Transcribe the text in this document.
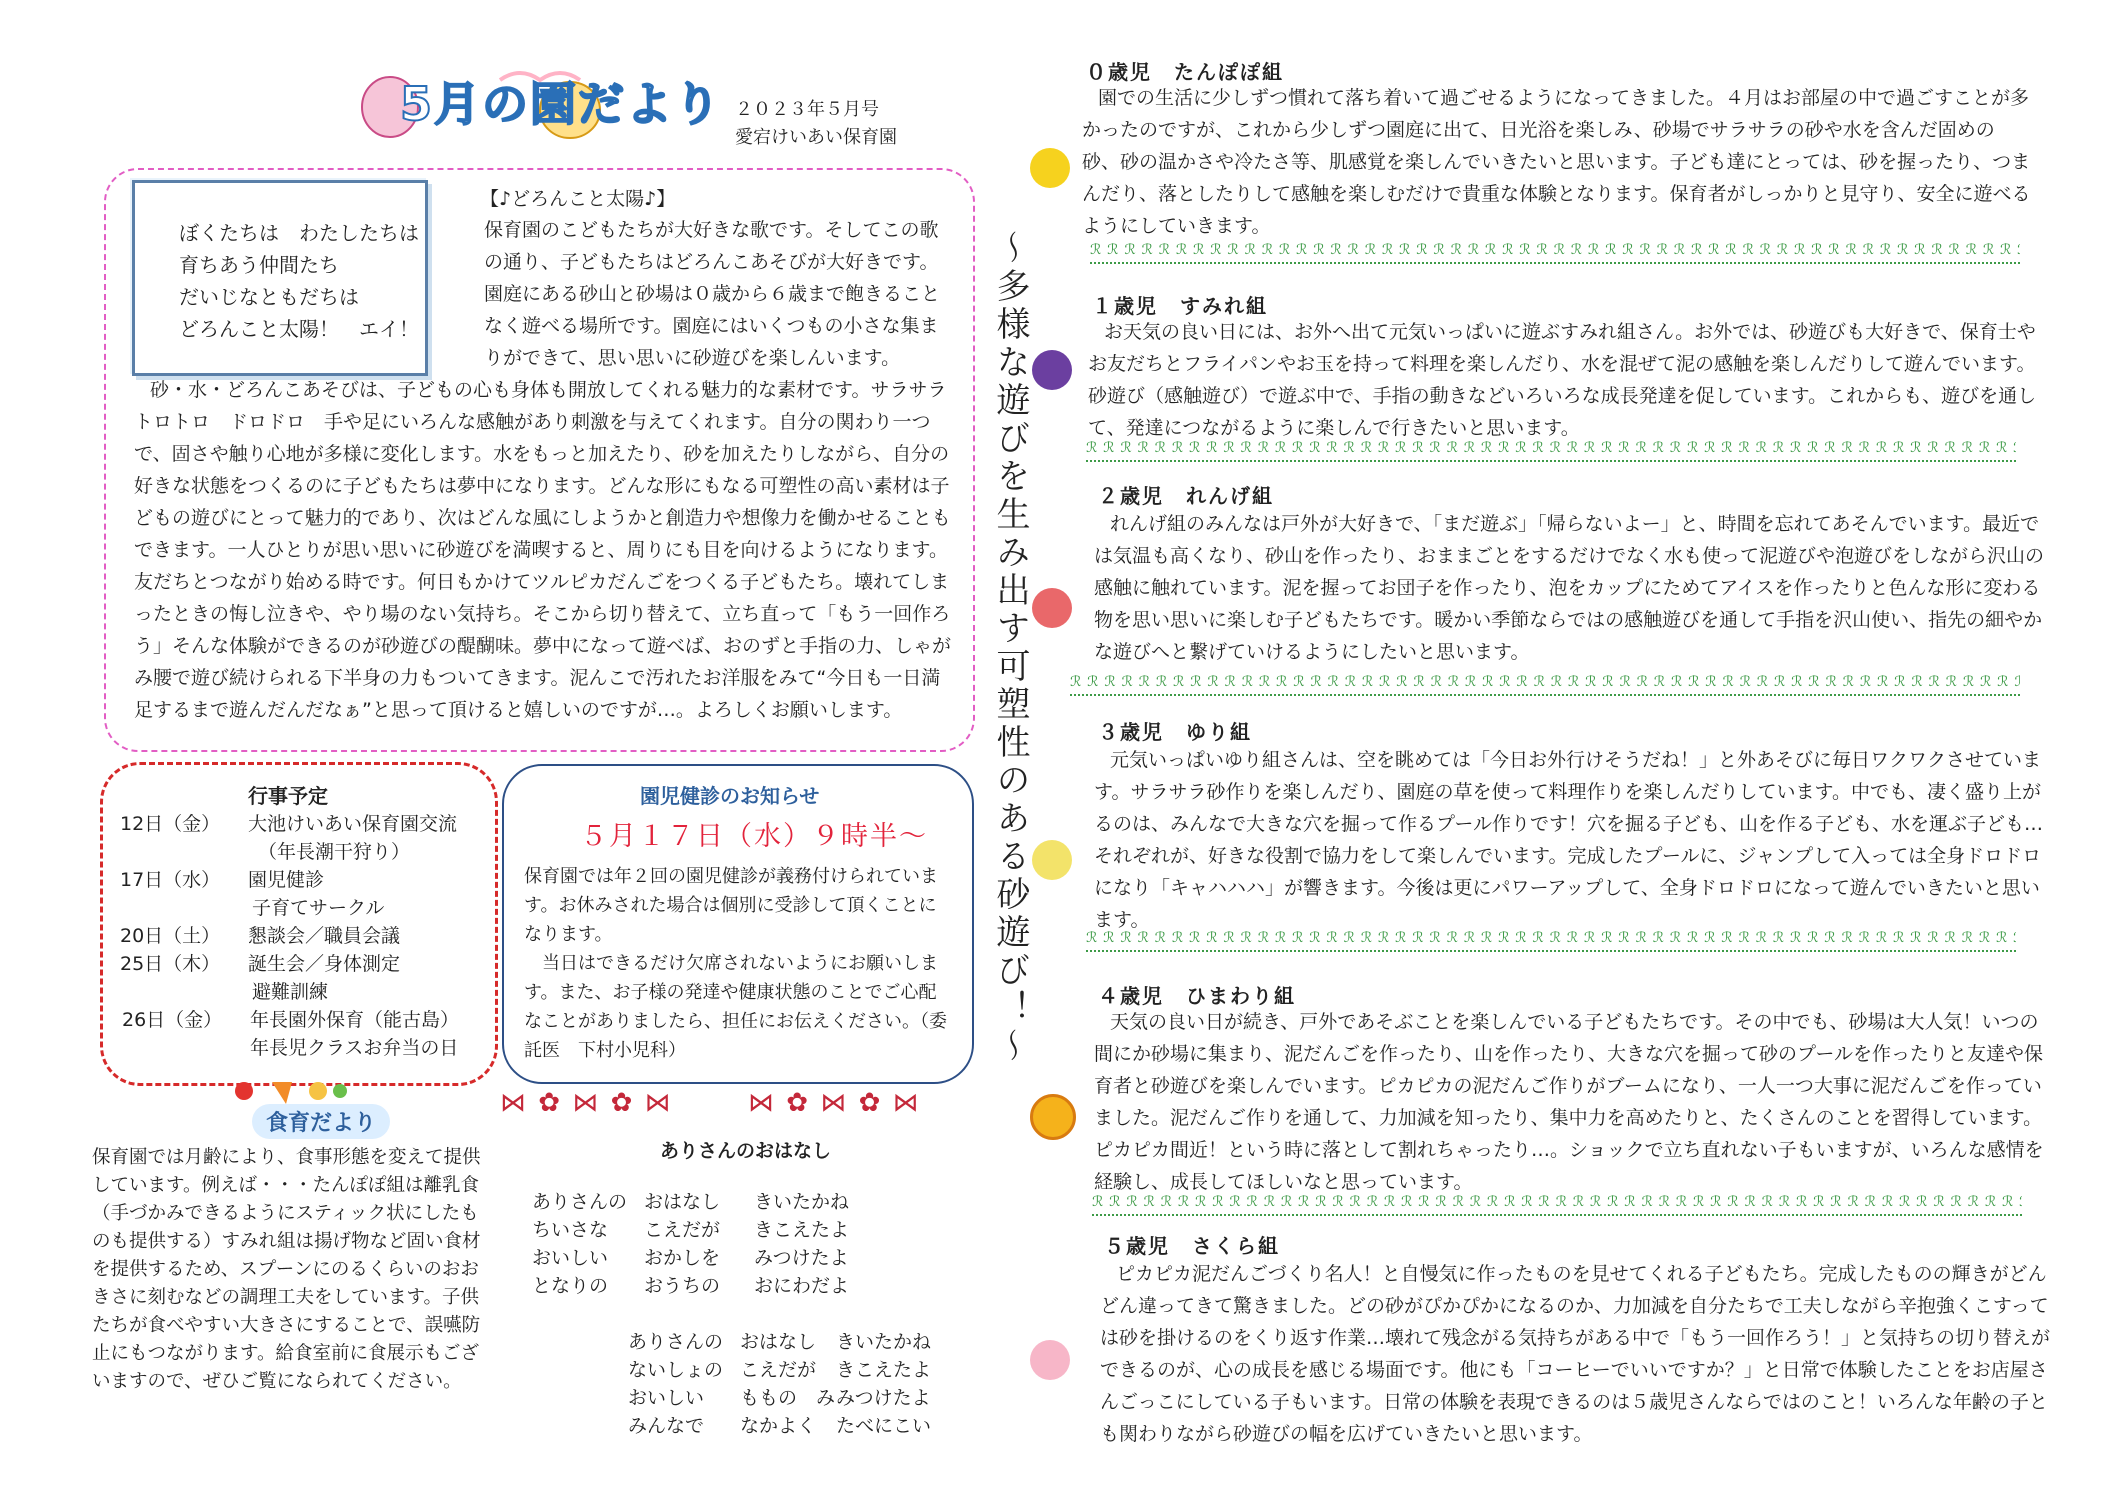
5月の園だより ２０２３年５月号
愛宕けいあい保育園
ぼくたちは　わたしたちは
育ちあう仲間たち
だいじなともだちは
どろんこと太陽！　エイ！
【♪どろんこと太陽♪】
保育園のこどもたちが大好きな歌です。そしてこの歌の通り、子どもたちはどろんこあそびが大好きです。園庭にある砂山と砂場は０歳から６歳まで飽きることなく遊べる場所です。園庭にはいくつもの小さな集まりができて、思い思いに砂遊びを楽しんいます。
砂・水・どろんこあそびは、子どもの心も身体も開放してくれる魅力的な素材です。サラサラトロトロ　ドロドロ　手や足にいろんな感触があり刺激を与えてくれます。自分の関わり一つで、固さや触り心地が多様に変化します。水をもっと加えたり、砂を加えたりしながら、自分の好きな状態をつくるのに子どもたちは夢中になります。どんな形にもなる可塑性の高い素材は子どもの遊びにとって魅力的であり、次はどんな風にしようかと創造力や想像力を働かせることもできます。一人ひとりが思い思いに砂遊びを満喫すると、周りにも目を向けるようになります。友だちとつながり始める時です。何日もかけてツルピカだんごをつくる子どもたち。壊れてしまったときの悔し泣きや、やり場のない気持ち。そこから切り替えて、立ち直って「もう一回作ろう」そんな体験ができるのが砂遊びの醍醐味。夢中になって遊べば、おのずと手指の力、しゃがみ腰で遊び続けられる下半身の力もついてきます。泥んこで汚れたお洋服をみて“今日も一日満足するまで遊んだんだなぁ”と思って頂けると嬉しいのですが…。よろしくお願いします。	～多様な遊びを生み出す可塑性のある砂遊び！～
行事予定
12日（金）	大池けいあい保育園交流
（年長潮干狩り）
17日（水）	園児健診
子育てサークル
20日（土）	懇談会／職員会議
25日（木）	誕生会／身体測定
避難訓練
26日（金）	年長園外保育（能古島）
年長児クラスお弁当の日
園児健診のお知らせ
５月１７日（水）９時半～
保育園では年２回の園児健診が義務付けられています。お休みされた場合は個別に受診して頂くことになります。
当日はできるだけ欠席されないようにお願いします。また、お子様の発達や健康状態のことでご心配なことがありましたら、担任にお伝えください。（委託医　下村小児科）
食育だより
保育園では月齢により、食事形態を変えて提供しています。例えば・・・たんぽぽ組は離乳食（手づかみできるようにスティック状にしたものも提供する）すみれ組は揚げ物など固い食材を提供するため、スプーンにのるくらいのおおきさに刻むなどの調理工夫をしています。子供たちが食べやすい大きさにすることで、誤嚥防止にもつながります。給食室前に食展示もございますので、ぜひご覧になられてください。
⋈ ✿ ⋈ ✿ ⋈	⋈ ✿ ⋈ ✿ ⋈
ありさんのおはなし
ありさんの おはなし きいたかね
ちいさな こえだが きこえたよ
おいしい おかしを みつけたよ
となりの おうちの おにわだよ
ありさんの おはなし きいたかね
ないしょの こえだが きこえたよ
おいしい ももの　みみつけたよ
みんなで なかよく たべにこい
０歳児　たんぽぽ組
園での生活に少しずつ慣れて落ち着いて過ごせるようになってきました。４月はお部屋の中で過ごすことが多かったのですが、これから少しずつ園庭に出て、日光浴を楽しみ、砂場でサラサラの砂や水を含んだ固めの砂、砂の温かさや冷たさ等、肌感覚を楽しんでいきたいと思います。子ども達にとっては、砂を握ったり、つまんだり、落としたりして感触を楽しむだけで貴重な体験となります。保育者がしっかりと見守り、安全に遊べるようにしていきます。
ℛℛℛℛℛℛℛℛℛℛℛℛℛℛℛℛℛℛℛℛℛℛℛℛℛℛℛℛℛℛℛℛℛℛℛℛℛℛℛℛℛℛℛℛℛℛℛℛℛℛℛℛℛℛℛℛℛ
１歳児　すみれ組
お天気の良い日には、お外へ出て元気いっぱいに遊ぶすみれ組さん。お外では、砂遊びも大好きで、保育士やお友だちとフライパンやお玉を持って料理を楽しんだり、水を混ぜて泥の感触を楽しんだりして遊んでいます。砂遊び（感触遊び）で遊ぶ中で、手指の動きなどいろいろな成長発達を促しています。これからも、遊びを通して、発達につながるように楽しんで行きたいと思います。
ℛℛℛℛℛℛℛℛℛℛℛℛℛℛℛℛℛℛℛℛℛℛℛℛℛℛℛℛℛℛℛℛℛℛℛℛℛℛℛℛℛℛℛℛℛℛℛℛℛℛℛℛℛℛℛℛℛ
２歳児　れんげ組
れんげ組のみんなは戸外が大好きで、「まだ遊ぶ」「帰らないよー」と、時間を忘れてあそんでいます。最近では気温も高くなり、砂山を作ったり、おままごとをするだけでなく水も使って泥遊びや泡遊びをしながら沢山の感触に触れています。泥を握ってお団子を作ったり、泡をカップにためてアイスを作ったりと色んな形に変わる物を思い思いに楽しむ子どもたちです。暖かい季節ならではの感触遊びを通して手指を沢山使い、指先の細やかな遊びへと繋げていけるようにしたいと思います。
ℛℛℛℛℛℛℛℛℛℛℛℛℛℛℛℛℛℛℛℛℛℛℛℛℛℛℛℛℛℛℛℛℛℛℛℛℛℛℛℛℛℛℛℛℛℛℛℛℛℛℛℛℛℛℛℛℛ
３歳児　ゆり組
元気いっぱいゆり組さんは、空を眺めては「今日お外行けそうだね！」と外あそびに毎日ワクワクさせています。サラサラ砂作りを楽しんだり、園庭の草を使って料理作りを楽しんだりしています。中でも、凄く盛り上がるのは、みんなで大きな穴を掘って作るプール作りです！穴を掘る子ども、山を作る子ども、水を運ぶ子ども…それぞれが、好きな役割で協力をして楽しんでいます。完成したプールに、ジャンプして入っては全身ドロドロになり「キャハハハ」が響きます。今後は更にパワーアップして、全身ドロドロになって遊んでいきたいと思います。
ℛℛℛℛℛℛℛℛℛℛℛℛℛℛℛℛℛℛℛℛℛℛℛℛℛℛℛℛℛℛℛℛℛℛℛℛℛℛℛℛℛℛℛℛℛℛℛℛℛℛℛℛℛℛℛℛℛ
４歳児　ひまわり組
天気の良い日が続き、戸外であそぶことを楽しんでいる子どもたちです。その中でも、砂場は大人気！いつの間にか砂場に集まり、泥だんごを作ったり、山を作ったり、大きな穴を掘って砂のプールを作ったりと友達や保育者と砂遊びを楽しんでいます。ピカピカの泥だんご作りがブームになり、一人一つ大事に泥だんごを作っていました。泥だんご作りを通して、力加減を知ったり、集中力を高めたりと、たくさんのことを習得しています。ピカピカ間近！という時に落として割れちゃったり…。ショックで立ち直れない子もいますが、いろんな感情を経験し、成長してほしいなと思っています。
ℛℛℛℛℛℛℛℛℛℛℛℛℛℛℛℛℛℛℛℛℛℛℛℛℛℛℛℛℛℛℛℛℛℛℛℛℛℛℛℛℛℛℛℛℛℛℛℛℛℛℛℛℛℛℛℛℛ
５歳児　さくら組
ピカピカ泥だんごづくり名人！と自慢気に作ったものを見せてくれる子どもたち。完成したものの輝きがどんどん違ってきて驚きました。どの砂がぴかぴかになるのか、力加減を自分たちで工夫しながら辛抱強くこすっては砂を掛けるのをくり返す作業…壊れて残念がる気持ちがある中で「もう一回作ろう！」と気持ちの切り替えができるのが、心の成長を感じる場面です。他にも「コーヒーでいいですか？」と日常で体験したことをお店屋さんごっこにしている子もいます。日常の体験を表現できるのは５歳児さんならではのこと！いろんな年齢の子とも関わりながら砂遊びの幅を広げていきたいと思います。
